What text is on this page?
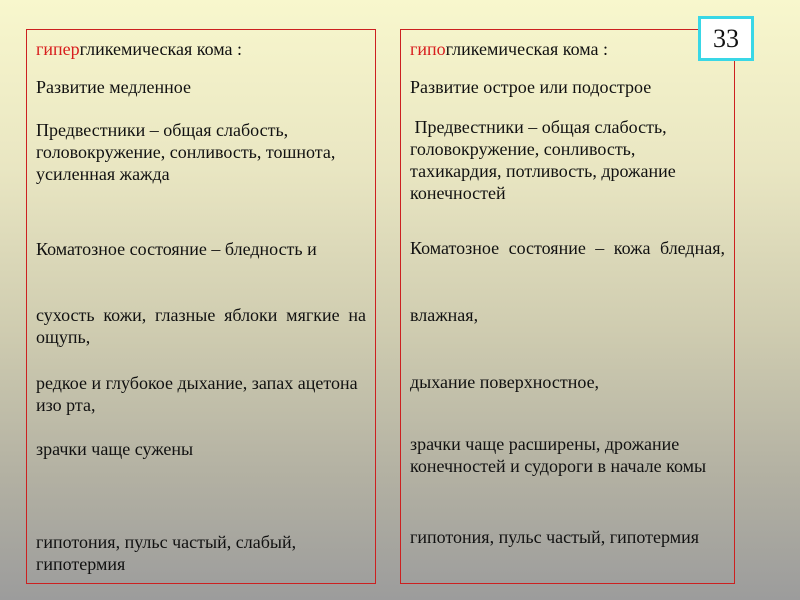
гипергликемическая кома :

Развитие медленное

Предвестники – общая слабость, головокружение, сонливость, тошнота, усиленная жажда

Коматозное состояние – бледность и

сухость кожи, глазные яблоки мягкие на ощупь,

редкое и глубокое дыхание, запах ацетона изо рта,

зрачки чаще сужены

гипотония, пульс частый, слабый, гипотермия

гипогликемическая кома :

Развитие острое или подострое

Предвестники – общая слабость, головокружение, сонливость, тахикардия, потливость, дрожание конечностей

Коматозное состояние – кожа бледная,

влажная,

дыхание поверхностное,

зрачки чаще расширены, дрожание конечностей и судороги в начале комы

гипотония, пульс частый, гипотермия

33
